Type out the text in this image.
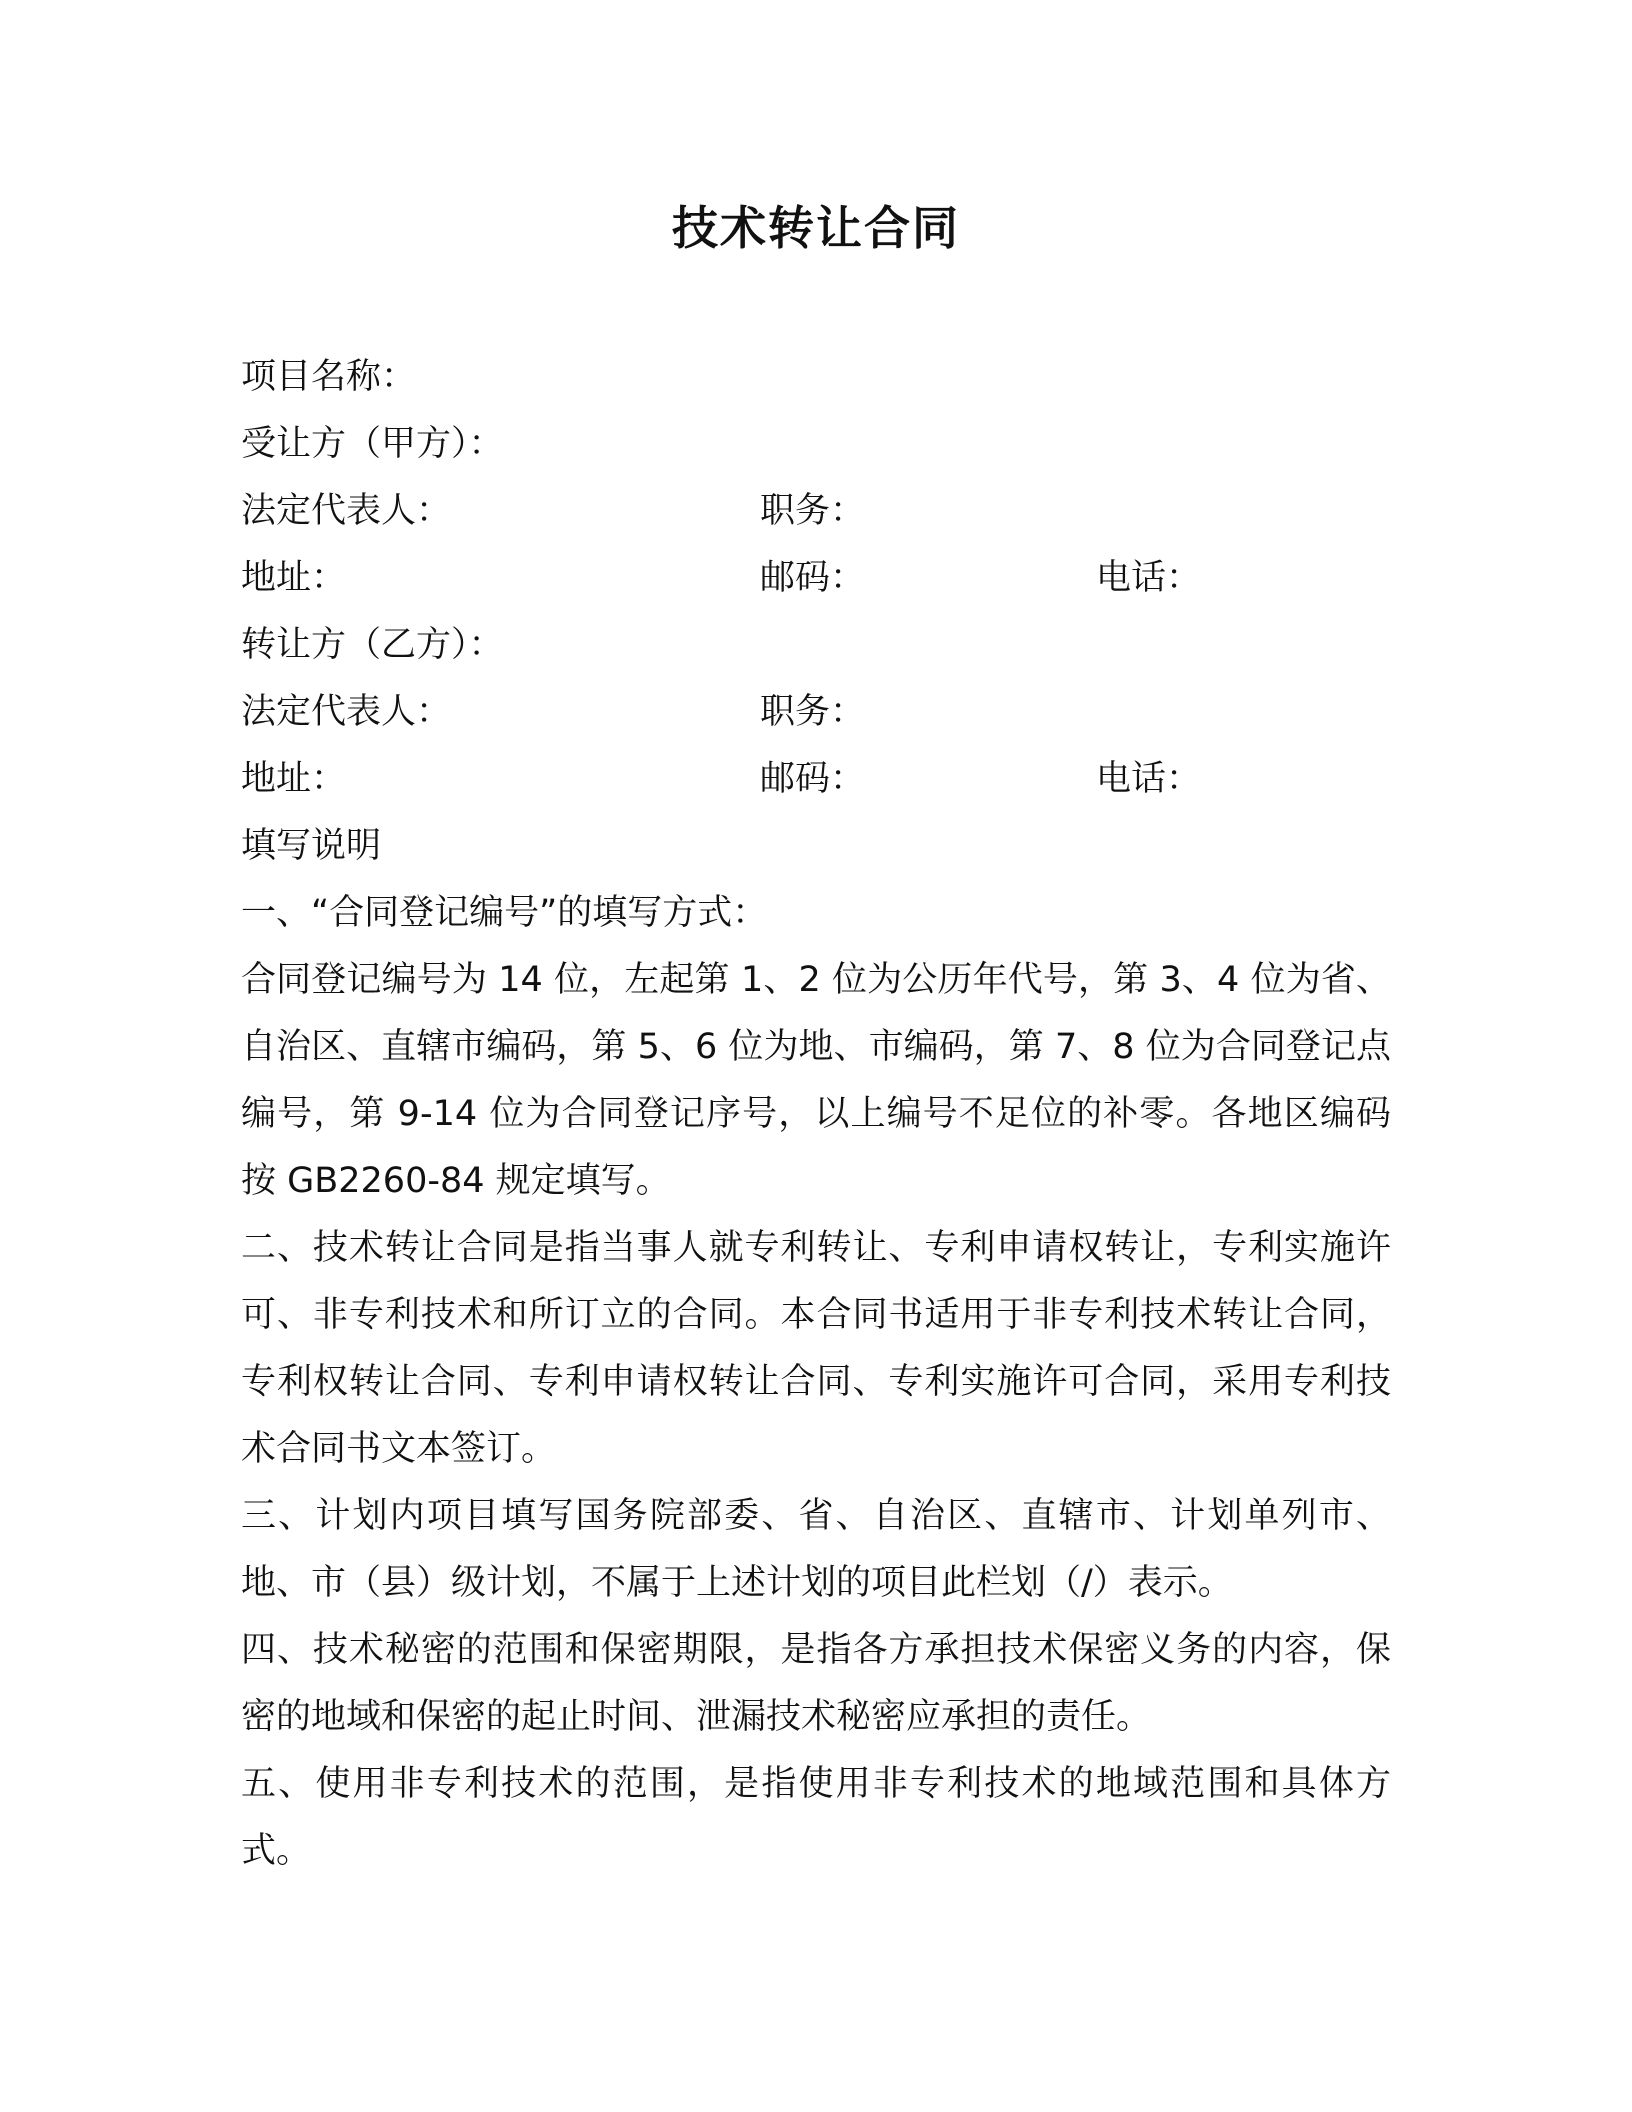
技术转让合同
项目名称：
受让方（甲方）：
法定代表人：	职务：
地址：	邮码：	电话：
转让方（乙方）：
法定代表人：	职务：
地址：	邮码：	电话：
填写说明
一、“合同登记编号”的填写方式：

合同登记编号为 14 位，左起第 1、2 位为公历年代号，第 3、4 位为省、自治区、直辖市编码，第 5、6 位为地、市编码，第 7、8 位为合同登记点编号，第 9-14 位为合同登记序号，以上编号不足位的补零。各地区编码按 GB2260-84 规定填写。

二、技术转让合同是指当事人就专利转让、专利申请权转让，专利实施许可、非专利技术和所订立的合同。本合同书适用于非专利技术转让合同，专利权转让合同、专利申请权转让合同、专利实施许可合同，采用专利技术合同书文本签订。

三、计划内项目填写国务院部委、省、自治区、直辖市、计划单列市、地、市（县）级计划，不属于上述计划的项目此栏划（/）表示。

四、技术秘密的范围和保密期限，是指各方承担技术保密义务的内容，保密的地域和保密的起止时间、泄漏技术秘密应承担的责任。

五、使用非专利技术的范围，是指使用非专利技术的地域范围和具体方式。
